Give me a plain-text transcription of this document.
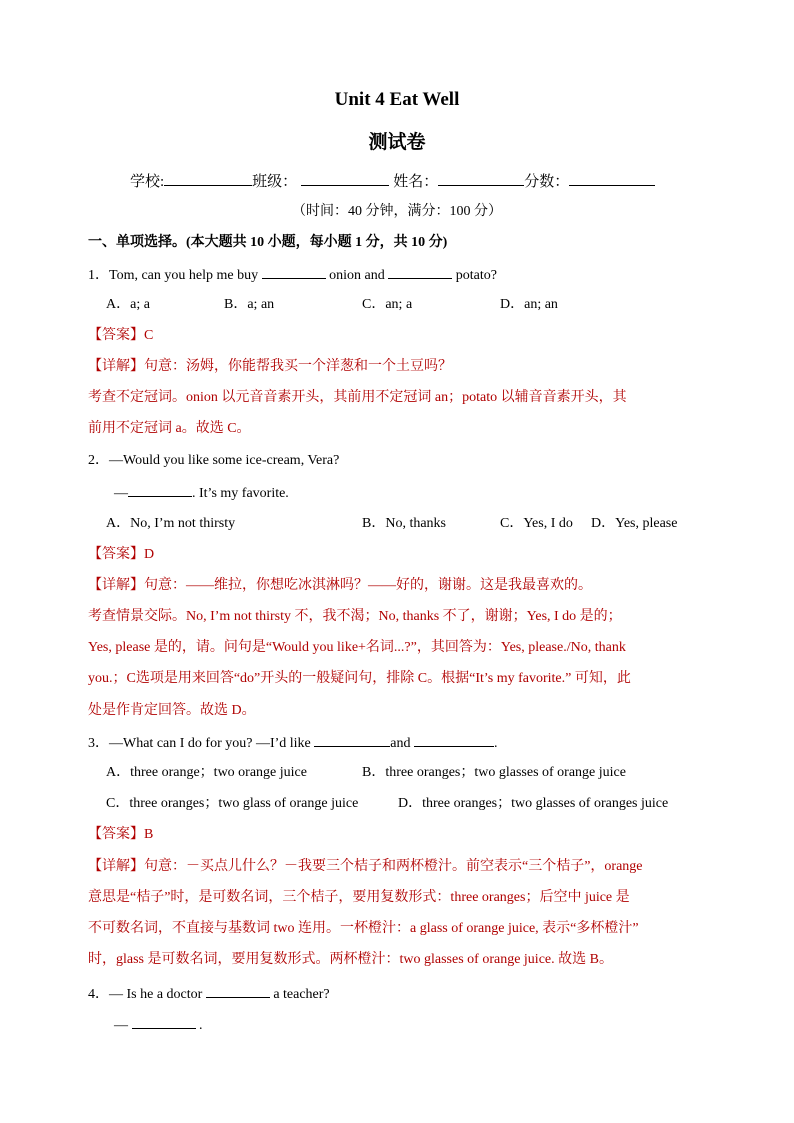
Unit 4 Eat Well
测试卷
学校:	班级：	姓名：	分数：
（时间：40 分钟，满分：100 分）
一、单项选择。(本大题共 10 小题，每小题 1 分，共 10 分)
1．Tom, can you help me buy	onion and	potato?
A．a; a	B．a; an	C．an; a	D．an; an
【答案】C
【详解】句意：汤姆，你能帮我买一个洋葱和一个土豆吗？
考查不定冠词。onion 以元音音素开头，其前用不定冠词 an；potato 以辅音音素开头，其
前用不定冠词 a。故选 C。
2．—Would you like some ice-cream, Vera?
—	. It’s my favorite.
A．No, I’m not thirsty	B．No, thanks	C．Yes, I do D．Yes, please
【答案】D
【详解】句意：——维拉，你想吃冰淇淋吗？——好的，谢谢。这是我最喜欢的。
考查情景交际。No, I’m not thirsty 不，我不渴；No, thanks 不了，谢谢；Yes, I do 是的；
Yes, please 是的，请。问句是“Would you like+名词...?”，其回答为：Yes, please./No, thank
you.；C选项是用来回答“do”开头的一般疑问句，排除 C。根据“It’s my favorite.” 可知，此
处是作肯定回答。故选 D。
3．—What can I do for you? —I’d like	and	.
A．three orange；two orange juice	B．three oranges；two glasses of orange juice
C．three oranges；two glass of orange juice	D．three oranges；two glasses of oranges juice
【答案】B
【详解】句意：－买点儿什么？－我要三个桔子和两杯橙汁。前空表示“三个桔子”，orange
意思是“桔子”时，是可数名词，三个桔子，要用复数形式：three oranges；后空中 juice 是
不可数名词，不直接与基数词 two 连用。一杯橙汁：a glass of orange juice, 表示“多杯橙汁”
时，glass 是可数名词，要用复数形式。两杯橙汁：two glasses of orange juice. 故选 B。
4．— Is he a doctor	a teacher?
—	.
